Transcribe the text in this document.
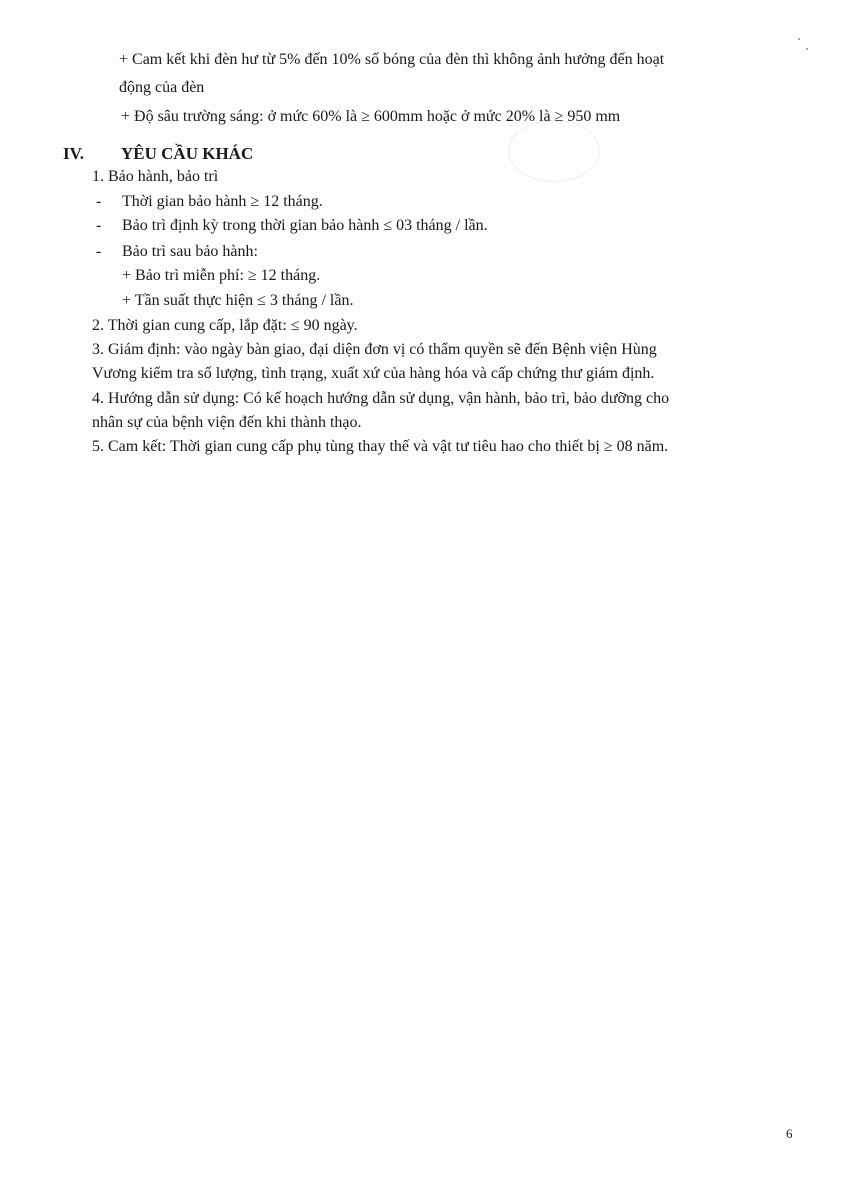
+ Cam kết khi đèn hư từ 5% đến 10% số bóng của đèn thì không ảnh hưởng đến hoạt
động của đèn
+ Độ sâu trường sáng: ở mức 60% là ≥ 600mm hoặc ở mức 20% là ≥ 950 mm
IV. YÊU CẦU KHÁC
1. Bảo hành, bảo trì
- Thời gian bảo hành ≥ 12 tháng.
- Bảo trì định kỳ trong thời gian bảo hành ≤ 03 tháng / lần.
- Bảo trì sau bảo hành:
+ Bảo trì miễn phí: ≥ 12 tháng.
+ Tần suất thực hiện ≤ 3 tháng / lần.
2. Thời gian cung cấp, lắp đặt: ≤ 90 ngày.
3. Giám định: vào ngày bàn giao, đại diện đơn vị có thẩm quyền sẽ đến Bệnh viện Hùng
Vương kiểm tra số lượng, tình trạng, xuất xứ của hàng hóa và cấp chứng thư giám định.
4. Hướng dẫn sử dụng: Có kế hoạch hướng dẫn sử dụng, vận hành, bảo trì, bảo dưỡng cho
nhân sự của bệnh viện đến khi thành thạo.
5. Cam kết: Thời gian cung cấp phụ tùng thay thế và vật tư tiêu hao cho thiết bị ≥ 08 năm.
6
